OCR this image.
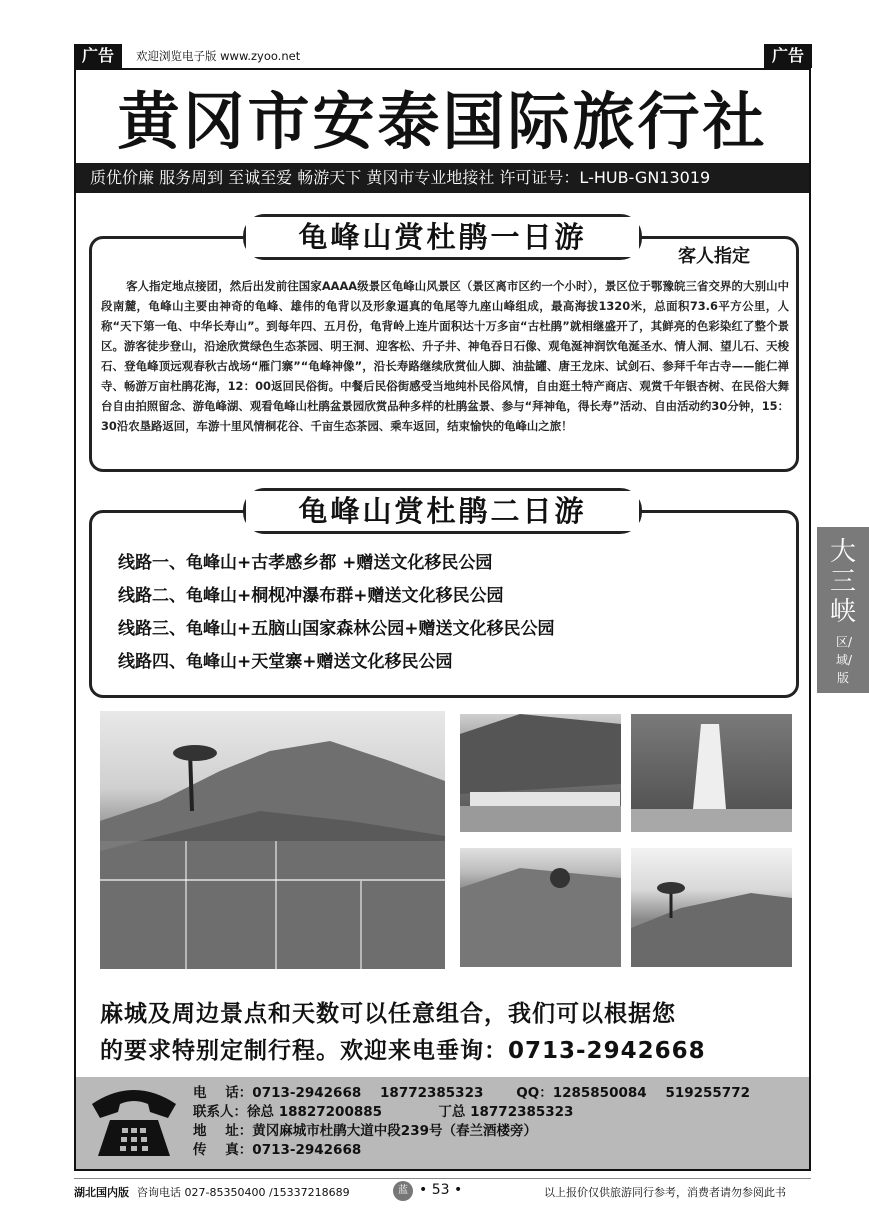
广告	欢迎浏览电子版 www.zyoo.net	广告
黄冈市安泰国际旅行社
质优价廉 服务周到 至诚至爱 畅游天下 黄冈市专业地接社 许可证号：L-HUB-GN13019
龟峰山赏杜鹃一日游
客人指定
客人指定地点接团，然后出发前往国家AAAA级景区龟峰山风景区（景区离市区约一个小时），景区位于鄂豫皖三省交界的大别山中段南麓，龟峰山主要由神奇的龟峰、雄伟的龟背以及形象逼真的龟尾等九座山峰组成，最高海拔1320米，总面积73.6平方公里，人称“天下第一龟、中华长寿山”。到每年四、五月份，龟背岭上连片面积达十万多亩“古杜鹃”就相继盛开了，其鲜亮的色彩染红了整个景区。游客徒步登山，沿途欣赏绿色生态茶园、明王洞、迎客松、升子井、神龟吞日石像、观龟涎神润饮龟涎圣水、情人洞、望儿石、天梭石、登龟峰顶远观春秋古战场“雁门寨”“龟峰神像”，沿长寿路继续欣赏仙人脚、油盐罐、唐王龙床、试剑石、参拜千年古寺——能仁禅寺、畅游万亩杜鹃花海，12：00返回民俗街。中餐后民俗街感受当地纯朴民俗风情，自由逛土特产商店、观赏千年银杏树、在民俗大舞台自由拍照留念、游龟峰湖、观看龟峰山杜鹃盆景园欣赏品种多样的杜鹃盆景、参与“拜神龟，得长寿”活动、自由活动约30分钟，15：30沿农垦路返回，车游十里风情桐花谷、千亩生态茶园、乘车返回，结束愉快的龟峰山之旅！
龟峰山赏杜鹃二日游
线路一、龟峰山+古孝感乡都 +赠送文化移民公园
线路二、龟峰山+桐枧冲瀑布群+赠送文化移民公园
线路三、龟峰山+五脑山国家森林公园+赠送文化移民公园
线路四、龟峰山+天堂寨+赠送文化移民公园
麻城及周边景点和天数可以任意组合，我们可以根据您
的要求特别定制行程。欢迎来电垂询：0713-2942668
电    话：0713-2942668    18772385323       QQ：1285850084    519255772
联系人：徐总 18827200885            丁总 18772385323
地    址：黄冈麻城市杜鹃大道中段239号（春兰酒楼旁）
传    真：0713-2942668
大三峡
区/域/版
湖北国内版 咨询电话 027-85350400 /15337218689	蓝 • 53 •	以上报价仅供旅游同行参考，消费者请勿参阅此书
